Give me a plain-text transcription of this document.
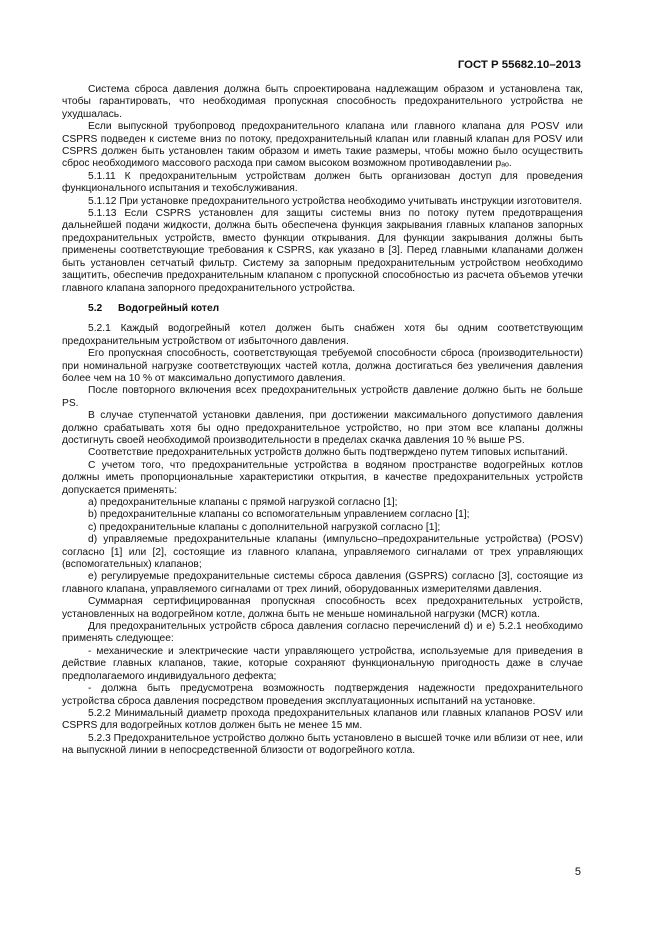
ГОСТ Р 55682.10–2013

Система сброса давления должна быть спроектирована надлежащим образом и установлена так, чтобы гарантировать, что необходимая пропускная способность предохранительного устройства не ухудшалась.

Если выпускной трубопровод предохранительного клапана или главного клапана для POSV или CSPRS подведен к системе вниз по потоку, предохранительный клапан или главный клапан для POSV или CSPRS должен быть установлен таким образом и иметь такие размеры, чтобы можно было осуществить сброс необходимого массового расхода при самом высоком возможном противодавлении pₐₒ.

5.1.11 К предохранительным устройствам должен быть организован доступ для проведения функционального испытания и техобслуживания.

5.1.12 При установке предохранительного устройства необходимо учитывать инструкции изготовителя.

5.1.13 Если CSPRS установлен для защиты системы вниз по потоку путем предотвращения дальнейшей подачи жидкости, должна быть обеспечена функция закрывания главных клапанов запорных предохранительных устройств, вместо функции открывания. Для функции закрывания должны быть применены соответствующие требования к CSPRS, как указано в [3]. Перед главными клапанами должен быть установлен сетчатый фильтр. Систему за запорным предохранительным устройством необходимо защитить, обеспечив предохранительным клапаном с пропускной способностью из расчета объемов утечки главного клапана запорного предохранительного устройства.

5.2 Водогрейный котел

5.2.1 Каждый водогрейный котел должен быть снабжен хотя бы одним соответствующим предохранительным устройством от избыточного давления.

Его пропускная способность, соответствующая требуемой способности сброса (производительности) при номинальной нагрузке соответствующих частей котла, должна достигаться без увеличения давления более чем на 10 % от максимально допустимого давления.

После повторного включения всех предохранительных устройств давление должно быть не больше PS.

В случае ступенчатой установки давления, при достижении максимального допустимого давления должно срабатывать хотя бы одно предохранительное устройство, но при этом все клапаны должны достигнуть своей необходимой производительности в пределах скачка давления 10 % выше PS.

Соответствие предохранительных устройств должно быть подтверждено путем типовых испытаний.

С учетом того, что предохранительные устройства в водяном пространстве водогрейных котлов должны иметь пропорциональные характеристики открытия, в качестве предохранительных устройств допускается применять:

a) предохранительные клапаны с прямой нагрузкой согласно [1];

b) предохранительные клапаны со вспомогательным управлением согласно [1];

c) предохранительные клапаны с дополнительной нагрузкой согласно [1];

d) управляемые предохранительные клапаны (импульсно–предохранительные устройства) (POSV) согласно [1] или [2], состоящие из главного клапана, управляемого сигналами от трех управляющих (вспомогательных) клапанов;

e) регулируемые предохранительные системы сброса давления (GSPRS) согласно [3], состоящие из главного клапана, управляемого сигналами от трех линий, оборудованных измерителями давления.

Суммарная сертифицированная пропускная способность всех предохранительных устройств, установленных на водогрейном котле, должна быть не меньше номинальной нагрузки (MCR) котла.

Для предохранительных устройств сброса давления согласно перечислений d) и e) 5.2.1 необходимо применять следующее:

- механические и электрические части управляющего устройства, используемые для приведения в действие главных клапанов, такие, которые сохраняют функциональную пригодность даже в случае предполагаемого индивидуального дефекта;

- должна быть предусмотрена возможность подтверждения надежности предохранительного устройства сброса давления посредством проведения эксплуатационных испытаний на установке.

5.2.2 Минимальный диаметр прохода предохранительных клапанов или главных клапанов POSV или CSPRS для водогрейных котлов должен быть не менее 15 мм.

5.2.3 Предохранительное устройство должно быть установлено в высшей точке или вблизи от нее, или на выпускной линии в непосредственной близости от водогрейного котла.

5
